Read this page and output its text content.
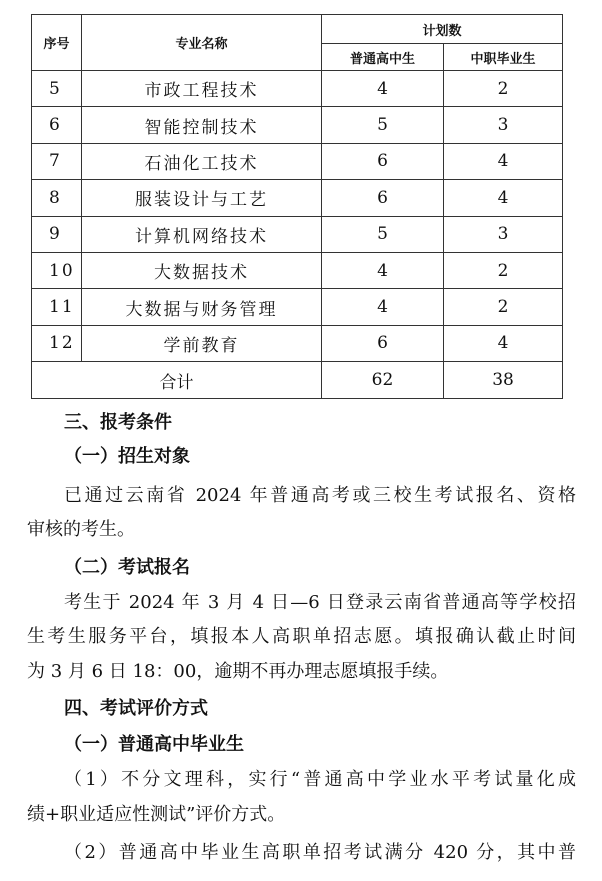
序号	专业名称	计划数	
		普通高中生	中职毕业生
5	市政工程技术	4	2
6	智能控制技术	5	3
7	石油化工技术	6	4
8	服装设计与工艺	6	4
9	计算机网络技术	5	3
10	大数据技术	4	2
11	大数据与财务管理	4	2
12	学前教育	6	4
合计		62	38
三、报考条件
（一）招生对象
已通过云南省 2024 年普通高考或三校生考试报名、资格
审核的考生。
（二）考试报名
考生于 2024 年 3 月 4 日—6 日登录云南省普通高等学校招
生考生服务平台，填报本人高职单招志愿。填报确认截止时间
为 3 月 6 日 18：00，逾期不再办理志愿填报手续。
四、考试评价方式
（一）普通高中毕业生
（1）不分文理科，实行“普通高中学业水平考试量化成
绩+职业适应性测试”评价方式。
（2）普通高中毕业生高职单招考试满分 420 分，其中普
